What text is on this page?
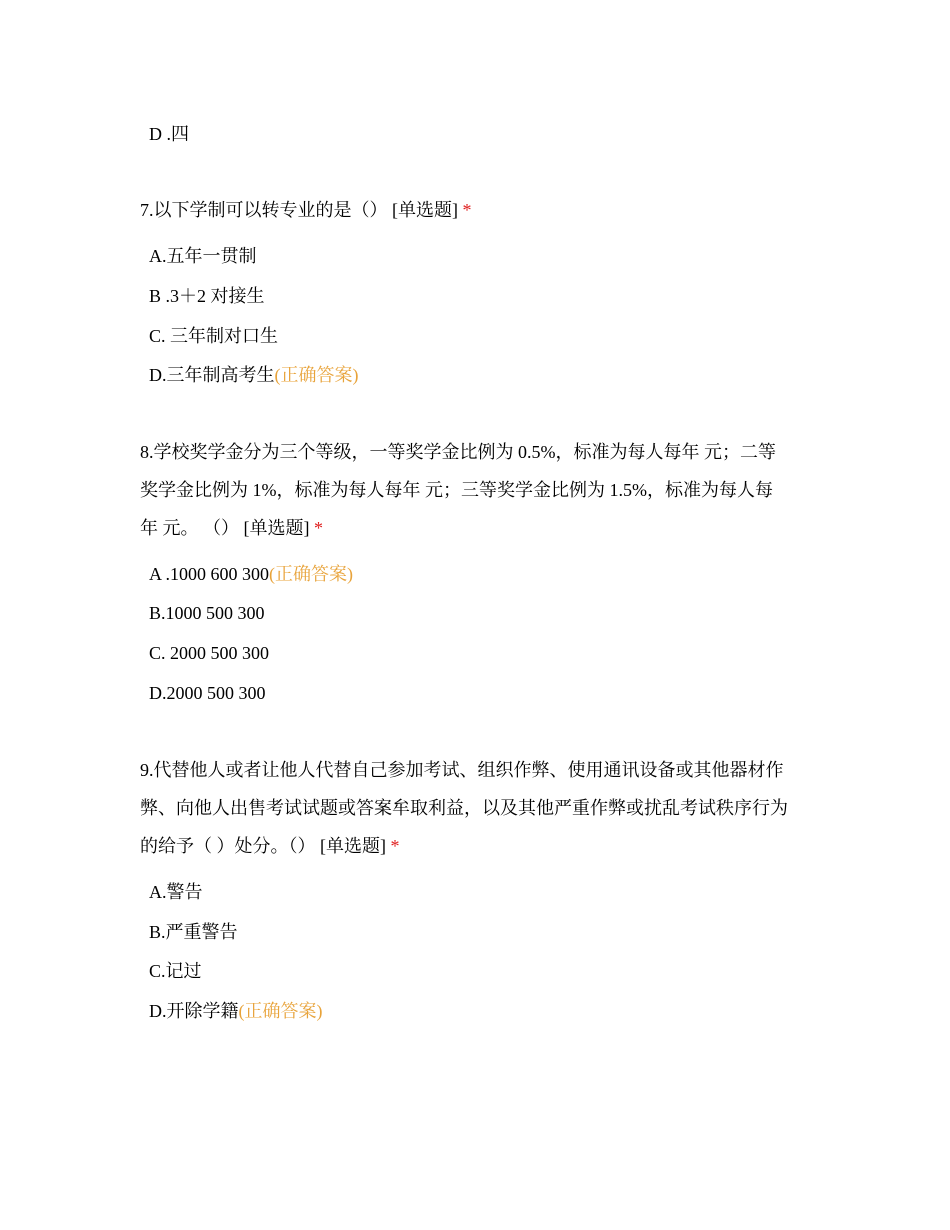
D .四
7.以下学制可以转专业的是（） [单选题] *
A.五年一贯制
B .3＋2 对接生
C. 三年制对口生
D.三年制高考生(正确答案)
8.学校奖学金分为三个等级，一等奖学金比例为 0.5%，标准为每人每年 元；二等
奖学金比例为 1%，标准为每人每年 元；三等奖学金比例为 1.5%，标准为每人每
年 元。 （） [单选题] *
A .1000 600 300(正确答案)
B.1000 500 300
C. 2000 500 300
D.2000 500 300
9.代替他人或者让他人代替自己参加考试、组织作弊、使用通讯设备或其他器材作
弊、向他人出售考试试题或答案牟取利益，以及其他严重作弊或扰乱考试秩序行为
的给予（ ）处分。（） [单选题] *
A.警告
B.严重警告
C.记过
D.开除学籍(正确答案)
